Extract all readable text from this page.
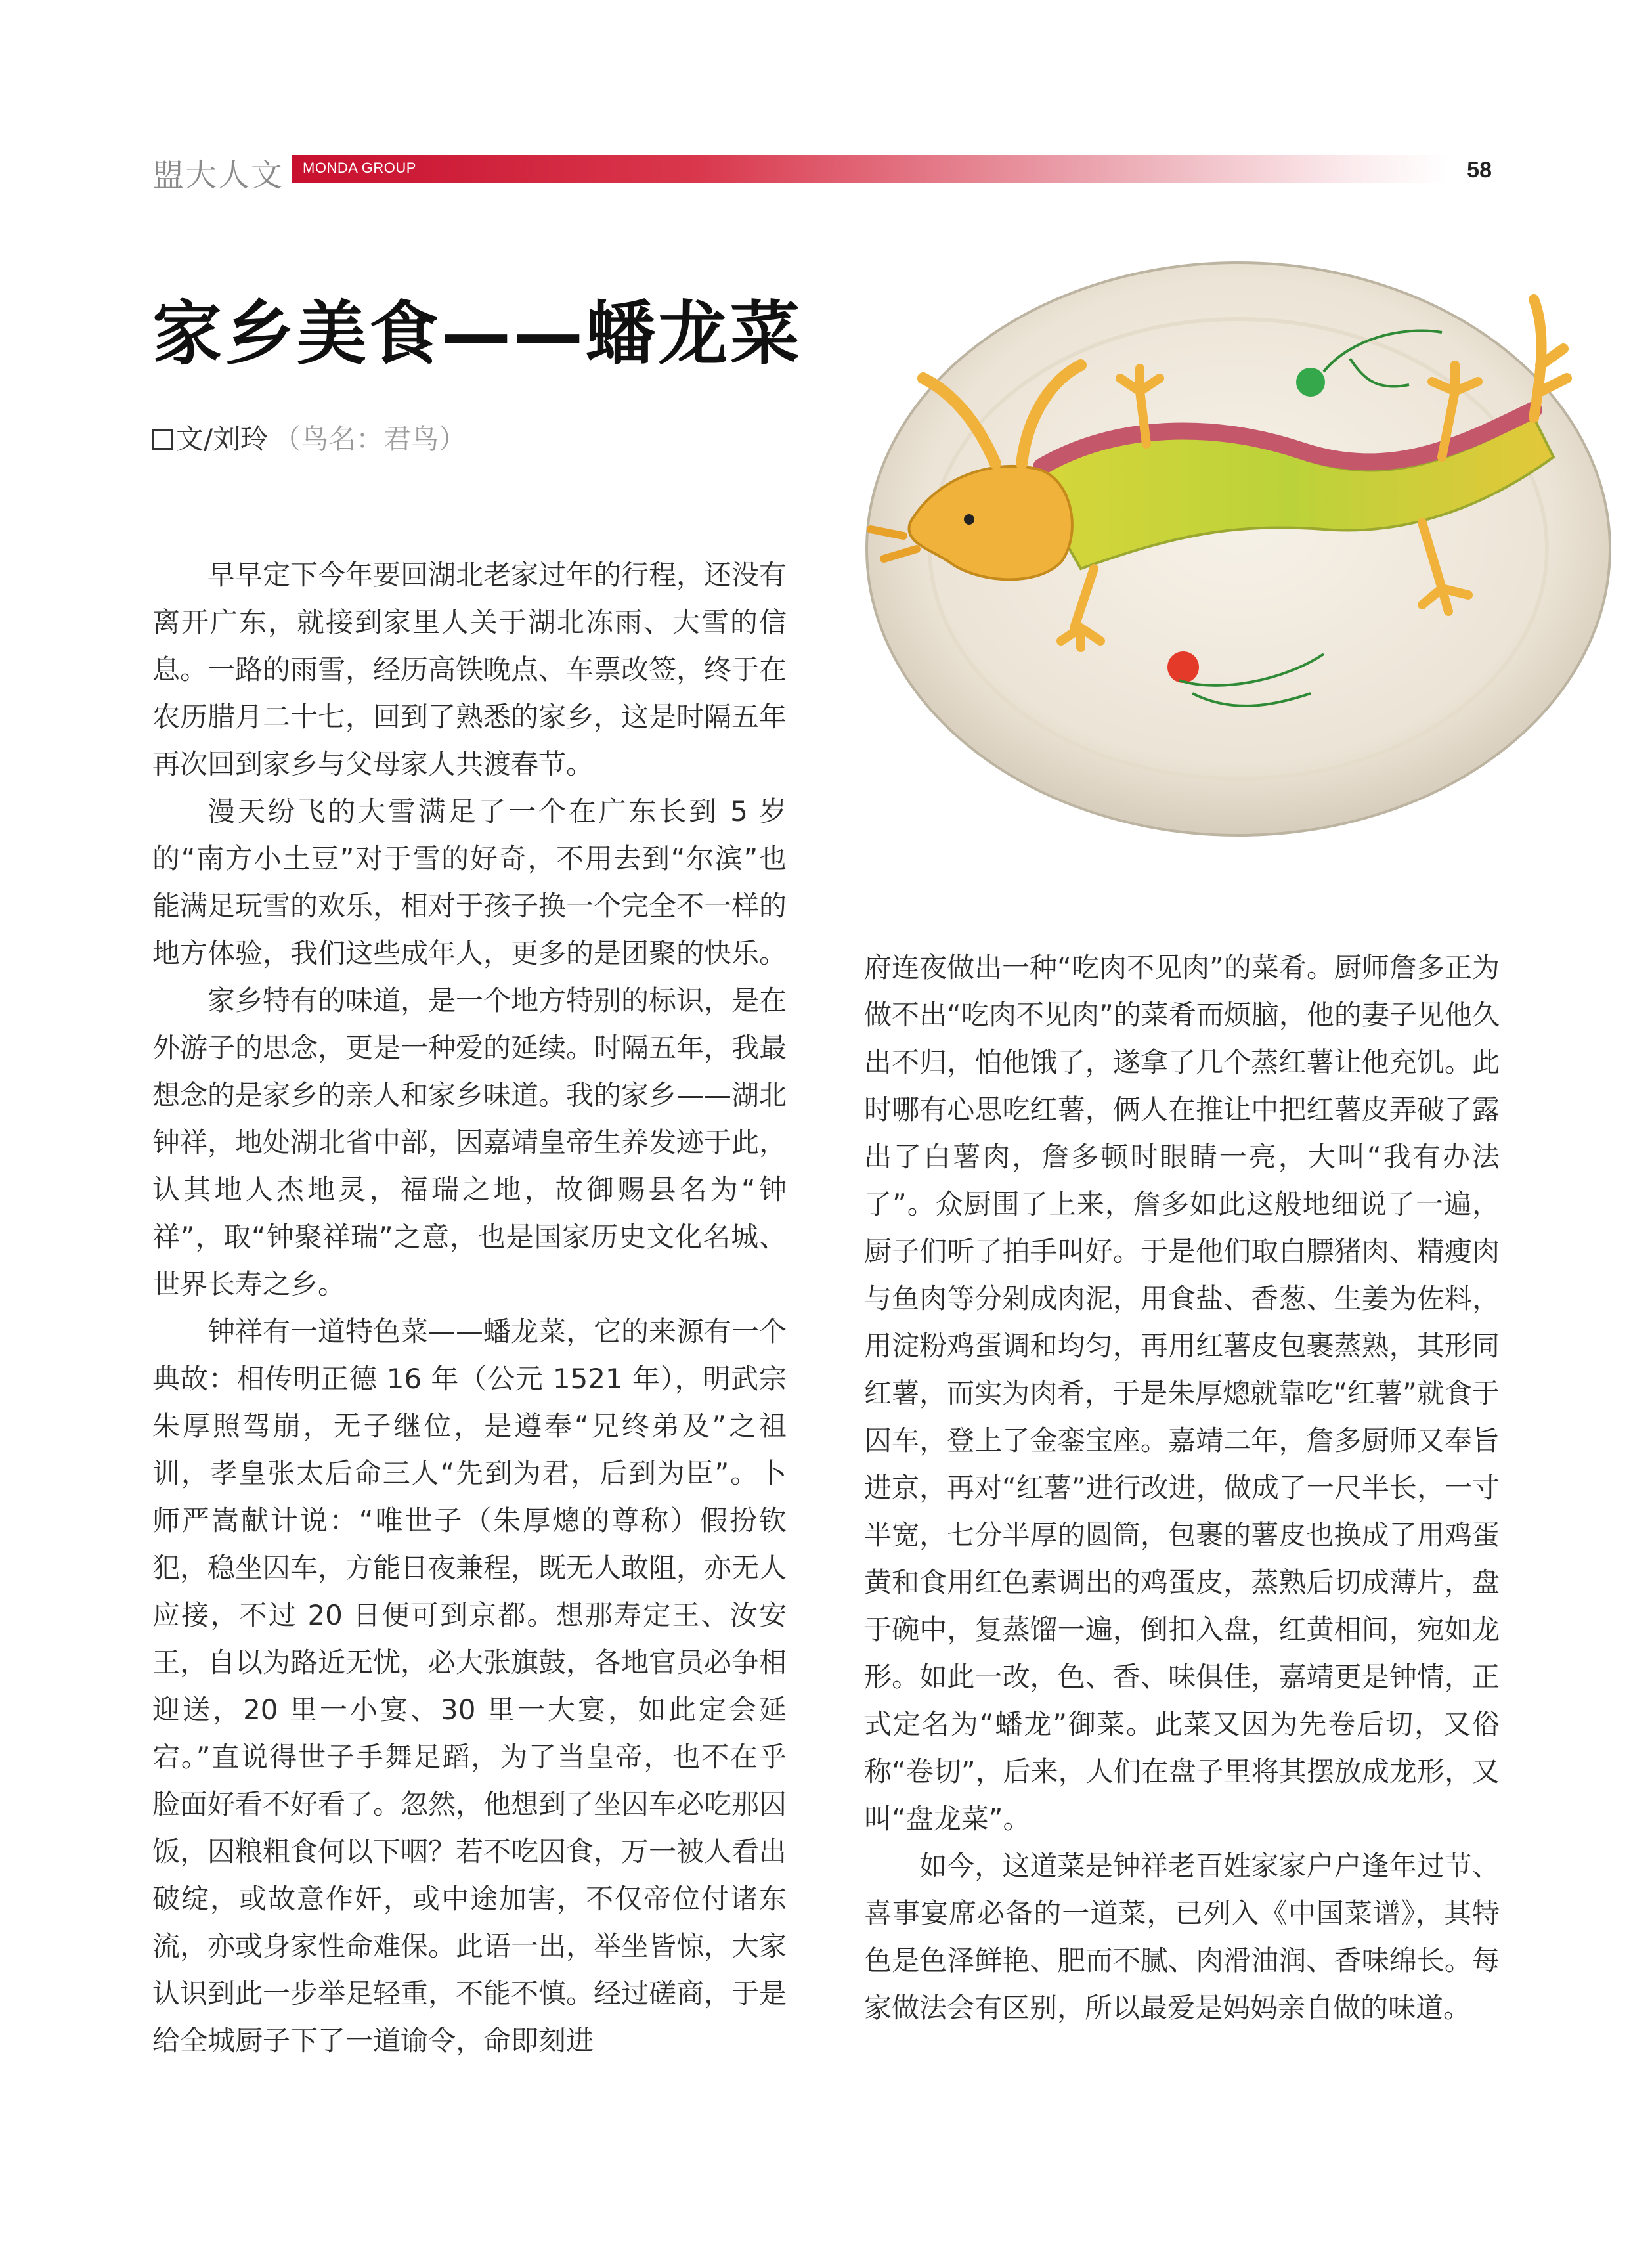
盟大人文 MONDA GROUP	58
家乡美食——蟠龙菜
文/刘玲 （鸟名：君鸟）

早早定下今年要回湖北老家过年的行程，还没有离开广东，就接到家里人关于湖北冻雨、大雪的信息。一路的雨雪，经历高铁晚点、车票改签，终于在农历腊月二十七，回到了熟悉的家乡，这是时隔五年再次回到家乡与父母家人共渡春节。

漫天纷飞的大雪满足了一个在广东长到 5 岁的“南方小土豆”对于雪的好奇，不用去到“尔滨”也能满足玩雪的欢乐，相对于孩子换一个完全不一样的地方体验，我们这些成年人，更多的是团聚的快乐。

家乡特有的味道，是一个地方特别的标识，是在外游子的思念，更是一种爱的延续。时隔五年，我最想念的是家乡的亲人和家乡味道。我的家乡——湖北钟祥，地处湖北省中部，因嘉靖皇帝生养发迹于此，认其地人杰地灵，福瑞之地，故御赐县名为“钟祥”，取“钟聚祥瑞”之意，也是国家历史文化名城、世界长寿之乡。

钟祥有一道特色菜——蟠龙菜，它的来源有一个典故：相传明正德 16 年（公元 1521 年），明武宗朱厚照驾崩，无子继位，是遵奉“兄终弟及”之祖训，孝皇张太后命三人“先到为君，后到为臣”。卜师严嵩献计说：“唯世子（朱厚熜的尊称）假扮钦犯，稳坐囚车，方能日夜兼程，既无人敢阻，亦无人应接，不过 20 日便可到京都。想那寿定王、汝安王，自以为路近无忧，必大张旗鼓，各地官员必争相迎送，20 里一小宴、30 里一大宴，如此定会延宕。”直说得世子手舞足蹈，为了当皇帝，也不在乎脸面好看不好看了。忽然，他想到了坐囚车必吃那囚饭，囚粮粗食何以下咽？若不吃囚食，万一被人看出破绽，或故意作奸，或中途加害，不仅帝位付诸东流，亦或身家性命难保。此语一出，举坐皆惊，大家认识到此一步举足轻重，不能不慎。经过磋商，于是给全城厨子下了一道谕令，命即刻进

府连夜做出一种“吃肉不见肉”的菜肴。厨师詹多正为做不出“吃肉不见肉”的菜肴而烦脑，他的妻子见他久出不归，怕他饿了，遂拿了几个蒸红薯让他充饥。此时哪有心思吃红薯，俩人在推让中把红薯皮弄破了露出了白薯肉，詹多顿时眼睛一亮，大叫“我有办法了”。众厨围了上来，詹多如此这般地细说了一遍，厨子们听了拍手叫好。于是他们取白膘猪肉、精瘦肉与鱼肉等分剁成肉泥，用食盐、香葱、生姜为佐料，用淀粉鸡蛋调和均匀，再用红薯皮包裹蒸熟，其形同红薯，而实为肉肴，于是朱厚熜就靠吃“红薯”就食于囚车，登上了金銮宝座。嘉靖二年，詹多厨师又奉旨进京，再对“红薯”进行改进，做成了一尺半长，一寸半宽，七分半厚的圆筒，包裹的薯皮也换成了用鸡蛋黄和食用红色素调出的鸡蛋皮，蒸熟后切成薄片，盘于碗中，复蒸馏一遍，倒扣入盘，红黄相间，宛如龙形。如此一改，色、香、味俱佳，嘉靖更是钟情，正式定名为“蟠龙”御菜。此菜又因为先卷后切，又俗称“卷切”，后来，人们在盘子里将其摆放成龙形，又叫“盘龙菜”。

如今，这道菜是钟祥老百姓家家户户逢年过节、喜事宴席必备的一道菜，已列入《中国菜谱》，其特色是色泽鲜艳、肥而不腻、肉滑油润、香味绵长。每家做法会有区别，所以最爱是妈妈亲自做的味道。
